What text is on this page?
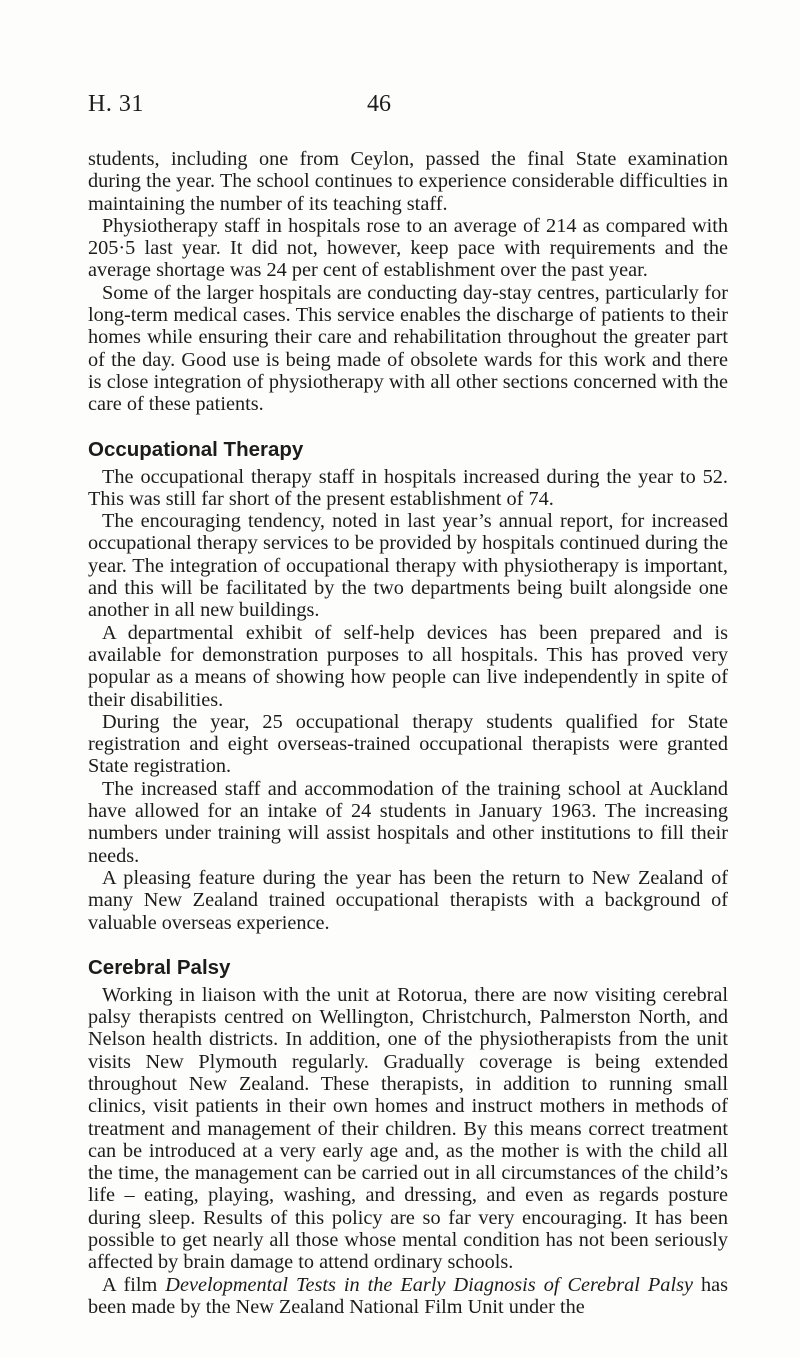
H. 31	46

students, including one from Ceylon, passed the final State examination during the year. The school continues to experience considerable difficulties in maintaining the number of its teaching staff.

Physiotherapy staff in hospitals rose to an average of 214 as compared with 205·5 last year. It did not, however, keep pace with requirements and the average shortage was 24 per cent of establishment over the past year.

Some of the larger hospitals are conducting day-stay centres, particularly for long-term medical cases. This service enables the discharge of patients to their homes while ensuring their care and rehabilitation throughout the greater part of the day. Good use is being made of obsolete wards for this work and there is close integration of physiotherapy with all other sections concerned with the care of these patients.

Occupational Therapy

The occupational therapy staff in hospitals increased during the year to 52. This was still far short of the present establishment of 74.

The encouraging tendency, noted in last year’s annual report, for increased occupational therapy services to be provided by hospitals continued during the year. The integration of occupational therapy with physiotherapy is important, and this will be facilitated by the two departments being built alongside one another in all new buildings.

A departmental exhibit of self-help devices has been prepared and is available for demonstration purposes to all hospitals. This has proved very popular as a means of showing how people can live independently in spite of their disabilities.

During the year, 25 occupational therapy students qualified for State registration and eight overseas-trained occupational therapists were granted State registration.

The increased staff and accommodation of the training school at Auckland have allowed for an intake of 24 students in January 1963. The increasing numbers under training will assist hospitals and other institutions to fill their needs.

A pleasing feature during the year has been the return to New Zealand of many New Zealand trained occupational therapists with a background of valuable overseas experience.

Cerebral Palsy

Working in liaison with the unit at Rotorua, there are now visiting cerebral palsy therapists centred on Wellington, Christchurch, Palmerston North, and Nelson health districts. In addition, one of the physiotherapists from the unit visits New Plymouth regularly. Gradually coverage is being extended throughout New Zealand. These therapists, in addition to running small clinics, visit patients in their own homes and instruct mothers in methods of treatment and management of their children. By this means correct treatment can be introduced at a very early age and, as the mother is with the child all the time, the management can be carried out in all circumstances of the child’s life – eating, playing, washing, and dressing, and even as regards posture during sleep. Results of this policy are so far very encouraging. It has been possible to get nearly all those whose mental condition has not been seriously affected by brain damage to attend ordinary schools.

A film Developmental Tests in the Early Diagnosis of Cerebral Palsy has been made by the New Zealand National Film Unit under the
